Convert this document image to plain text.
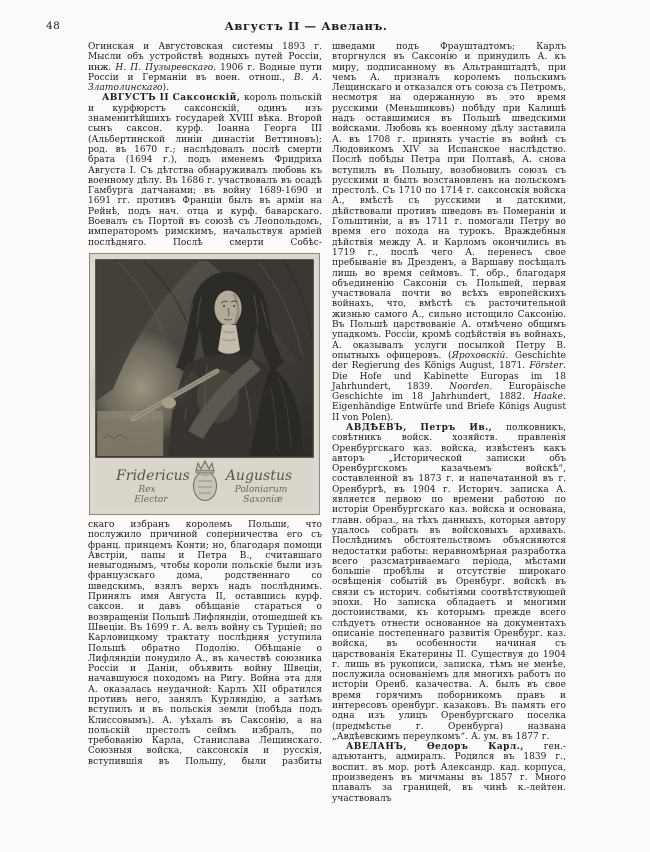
48	Августъ II — Авеланъ.

Огинская и Августовская системы 1893 г. Мысли объ устройствѣ водныхъ путей Россіи, инж. Н. П. Пузыревскаго. 1906 г. Водные пути Россіи и Германіи въ воен. отнош., В. А. Златолинскаго).

АВГУСТЪ II Саксонскій, король польскій и курфюрстъ саксонскій, одинъ изъ знаменитѣйшихъ государей XVIII вѣка. Второй сынъ саксон. курф. Іоанна Георга III (Альбертинской линіи династіи Веттиновъ); род. въ 1670 г.; наслѣдовалъ послѣ смерти брата (1694 г.), подъ именемъ Фридриха Августа I. Съ дѣтства обнаруживалъ любовь къ военному дѣлу. Въ 1686 г. участвовалъ въ осадѣ Гамбурга датчанами; въ войну 1689-1690 и 1691 гг. противъ Франціи былъ въ арміи на Рейнѣ, подъ нач. отца и курф. баварскаго. Воевалъ съ Портой въ союзѣ съ Леопольдомъ, императоромъ римскимъ, начальствуя арміей послѣдняго. Послѣ смерти Собѣс-

Fridericus	Augustus
Rex
Elector
Poloniarum
Saxoniæ

скаго избранъ королемъ Польши, что послужило причиной соперничества его съ франц. принцемъ Конти; но, благодаря помощи Австріи, папы и Петра В., считавшаго невыгоднымъ, чтобы короли польскіе были изъ французскаго дома, родственнаго со шведскимъ, взялъ верхъ надъ послѣднимъ. Принялъ имя Августа II, оставшись курф. саксон. и давъ обѣщаніе стараться о возвращеніи Польшѣ Лифляндіи, отошедшей къ Швеціи. Въ 1699 г. А. велъ войну съ Турціей; по Карловицкому трактату послѣдняя уступила Польшѣ обратно Подолію. Обѣщаніе о Лифляндіи понудило А., въ качествѣ союзника Россіи и Даніи, объявить войну Швеціи, начавшуюся походомъ на Ригу. Война эта для А. оказалась неудачной: Карлъ XII обратился противъ него, занялъ Курляндію, а затѣмъ вступилъ и въ польскія земли (побѣда подъ Клиссовымъ). А. уѣхалъ въ Саксонію, а на польскій престолъ сеймъ избралъ, по требованію Карла, Станислава Лещинскаго. Союзныя войска, саксонскія и русскія, вступившія въ Польшу, были разбиты

шведами подъ Фрауштадтомъ; Карлъ вторгнулся въ Саксонію и принудилъ А. къ миру, подписанному въ Альтранштадтѣ, при чемъ А. призналъ королемъ польскимъ Лещинскаго и отказался отъ союза съ Петромъ, несмотря на одержанную въ это время русскими (Меньшиковъ) побѣду при Калишѣ надъ оставшимися въ Польшѣ шведскими войсками. Любовь къ военному дѣлу заставила А. въ 1708 г. принять участіе въ войнѣ съ Людовикомъ XIV за Испанское наслѣдство. Послѣ побѣды Петра при Полтавѣ, А. снова вступилъ въ Польшу, возобновилъ союзъ съ русскими и былъ возстановленъ на польскомъ престолѣ. Съ 1710 по 1714 г. саксонскія войска А., вмѣстѣ съ русскими и датскими, дѣйствовали противъ шведовъ въ Помераніи и Гольштиніи, а въ 1711 г. помогали Петру во время его похода на турокъ. Враждебныя дѣйствія между А. и Карломъ окончились въ 1719 г., послѣ чего А. перенесъ свое пребываніе въ Дрезденъ, а Варшаву посѣщалъ лишь во время сеймовъ. Т. обр., благодаря объединенію Саксоніи съ Польшей, первая участвовала почти во всѣхъ европейскихъ войнахъ, что, вмѣстѣ съ расточительной жизнью самого А., сильно истощило Саксонію. Въ Польшѣ царствованіе А. отмѣчено общимъ упадкомъ. Россіи, кромѣ содѣйствія въ войнахъ, А. оказывалъ услуги посылкой Петру В. опытныхъ офицеровъ. (Яроховскій. Geschichte der Regierung des Königs August, 1871. Förster. Die Hofe und Kabinette Europas im 18 Jahrhundert, 1839. Noorden. Europäische Geschichte im 18 Jahrhundert, 1882. Haake. Eigenhändige Entwürfe und Briefe Königs August II von Polen).

АВДѢЕВЪ, Петръ Ив., полковникъ, совѣтникъ войск. хозяйств. правленія Оренбургскаго каз. войска, извѣстенъ какъ авторъ „Исторической записки объ Оренбургскомъ казачьемъ войскѣ“, составленной въ 1873 г. и напечатанной въ г. Оренбургѣ, въ 1904 г. Историч. записка А. является первою по времени работою по исторіи Оренбургскаго каз. войска и основана, главн. образ., на тѣхъ данныхъ, которыя автору удалось собрать въ войсковыхъ архивахъ. Послѣднимъ обстоятельствомъ объясняются недостатки работы: неравномѣрная разработка всего разсматриваемаго періода, мѣстами большіе пробѣлы и отсутствіе широкаго освѣщенія событій въ Оренбург. войскѣ въ связи съ историч. событіями соотвѣтствующей эпохи. Но записка обладаетъ и многими достоинствами, къ которымъ прежде всего слѣдуетъ отнести основанное на документахъ описаніе постепеннаго развитія Оренбург. каз. войска, въ особенности начиная съ царствованія Екатерины II. Существуя до 1904 г. лишь въ рукописи, записка, тѣмъ не менѣе, послужила основаніемъ для многихъ работъ по исторіи Оренб. казачества. А. былъ въ свое время горячимъ поборникомъ правъ и интересовъ оренбург. казаковъ. Въ память его одна изъ улицъ Оренбургскаго поселка (предмѣстье г. Оренбурга) названа „Авдѣевскимъ переулкомъ“. А. ум. въ 1877 г.

АВЕЛАНЪ, Ѳедоръ Карл., ген.-адъютантъ, адмиралъ. Родился въ 1839 г., воспит. въ мор. ротѣ Александр. кад. корпуса, произведенъ въ мичманы въ 1857 г. Много плавалъ за границей, въ чинѣ к.-лейтен. участвовалъ
